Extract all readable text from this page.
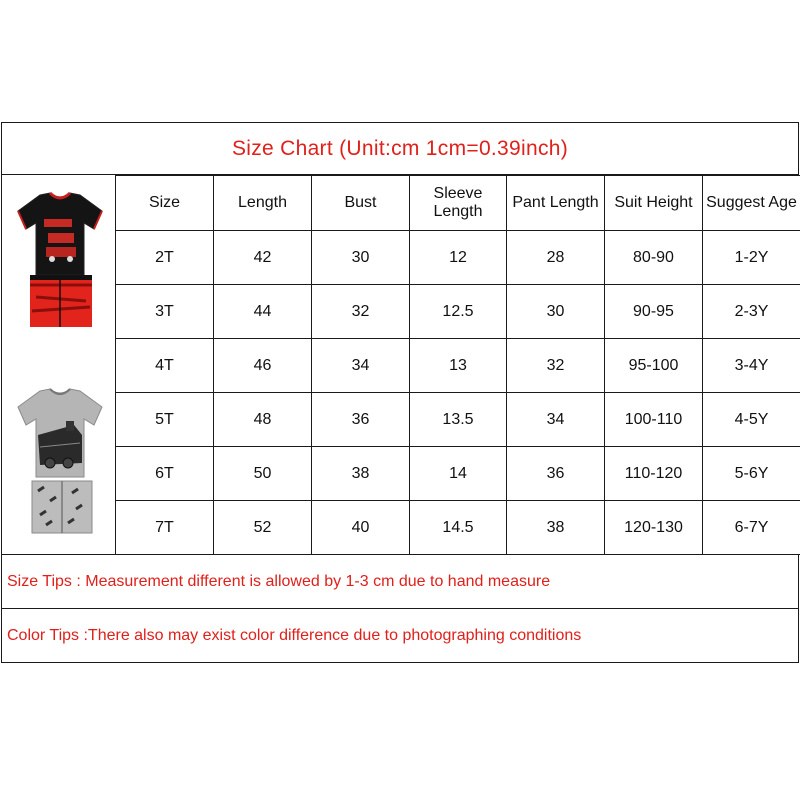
Size Chart (Unit:cm 1cm=0.39inch)
Size	Length	Bust	Sleeve Length	Pant Length	Suit Height	Suggest Age
2T	42	30	12	28	80-90	1-2Y
3T	44	32	12.5	30	90-95	2-3Y
4T	46	34	13	32	95-100	3-4Y
5T	48	36	13.5	34	100-110	4-5Y
6T	50	38	14	36	110-120	5-6Y
7T	52	40	14.5	38	120-130	6-7Y
Size Tips : Measurement different is allowed by 1-3 cm due to hand measure
Color Tips :There also may exist color difference due to photographing conditions
